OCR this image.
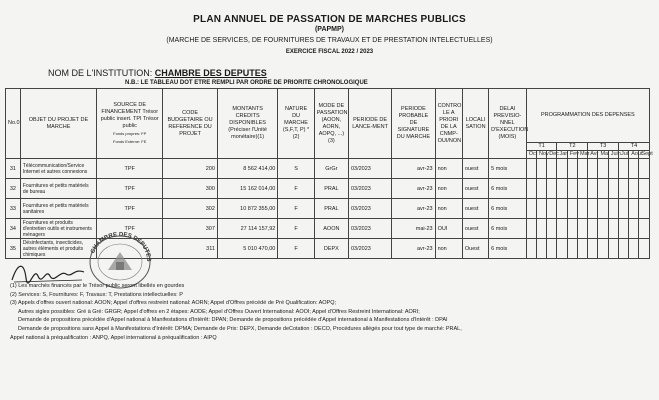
PLAN ANNUEL DE PASSATION DE MARCHES PUBLICS
(PAPMP)
(MARCHE DE SERVICES, DE FOURNITURES DE TRAVAUX ET DE PRESTATION INTELECTUELLES)
EXERCICE FISCAL 2022 / 2023
NOM DE L'INSTITUTION: CHAMBRE DES DEPUTES
N.B.: LE TABLEAU DOT ETRE REMPLI PAR ORDRE DE PRIORITE CHRONOLOGIQUE
No.0	OBJET DU PROJET DE MARCHE	SOURCE DE FINANCEMENT Trésor public insert. TPI Trésor public
Fonds propres: FP
Fonds Externe: FE	CODE BUDGETAIRE OU REFERENCE DU PROJET	MONTANTS CREDITS DISPONIBLES (Préciser l'Unité monétaire)(1)	NATURE DU MARCHE (S,F,T, P) *(2)	MODE DE PASSATION (AOON, AORN, AOPQ, ...) (3)	PERIODE DE LANCE-MENT	PERIODE PROBABLE DE SIGNATURE DU MARCHE	CONTRO LE A PRIORI DE LA CNMP- OUI/NON	LOCALI SATION	DELAI PREVISIO-NNEL D'EXECUTION (MOIS)	PROGRAMMATION DES DEPENSES											
												T1			T2			T3			T4		
												Oct	Nov	Dec	Jan	Fev	Mar	Avr	Mai	Juin	Juil	Aout	Sept
31	Télécommunication/Service Internet et autres connexions	TPF	200	8 562 414,00	S	GrGr	03/2023	avr-23	non	ouest	5 mois												
32	Fournitures et petits matériels de bureau	TPF	300	15 162 014,00	F	PRAL	03/2023	avr-23	non	ouest	6 mois												
33	Fournitures et petits matériels sanitaires	TPF	302	10 872 355,00	F	PRAL	03/2023	avr-23	non	ouest	6 mois												
34	Fournitures et produits d'entretien outils et instruments ménagers	TPF	307	27 114 157,92	F	AOON	03/2023	mai-23	OUI	ouest	6 mois												
35	Désinfectants, insecticides, autres éléments et produits chimiques		311	5 010 470,00	F	DEPX	03/2023	avr-23	non	Ouest	6 mois												
CHAMBRE DES DEPUTES
(1) Les marchés financés par le Trésor public seront libellés en gourdes
(2) Services: S, Fournitures: F, Travaux: T, Prestations intellectuelles: P
(3) Appels d'offres ouvert national: AOON; Appel d'offres restreint national: AORN; Appel d'Offres précédé de Pré Qualification: AOPQ;
Autres sigles possibles: Gré à Gré: GRGR; Appel d'offres en 2 étapes: AODE; Appel d'Offres Ouvert International: AOOI; Appel d'Offres Restreint International: AORI;
Demande de propositions précédée d'Appel national à Manifestations d'Intérêt: DPAN; Demande de propositions précédée d'Appel international à Manifestations d'Intérêt : DPAI
Demande de propositions sans Appel à Manifestations d'Intérêt: DPMA; Demande de Prix: DEPX, Demande deCotation : DECO, Procédures allégés pour tout type de marché: PRAL,
Appel national à préqualification : ANPQ, Appel international à préqualification : AIPQ
